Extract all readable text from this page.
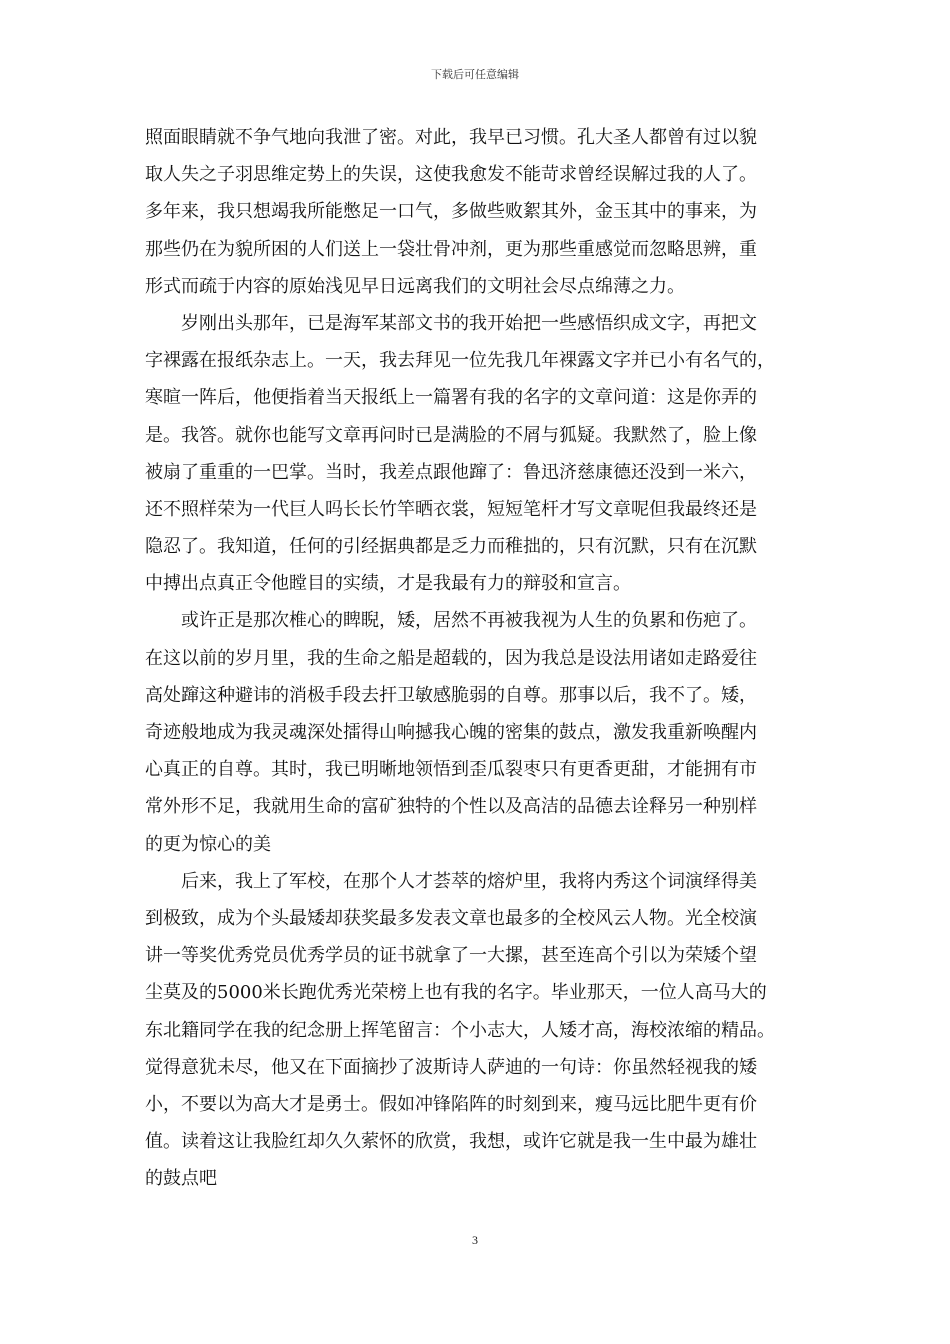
下载后可任意编辑
照面眼睛就不争气地向我泄了密。对此，我早已习惯。孔大圣人都曾有过以貌
取人失之子羽思维定势上的失误，这使我愈发不能苛求曾经误解过我的人了。
多年来，我只想竭我所能憋足一口气，多做些败絮其外，金玉其中的事来，为
那些仍在为貌所困的人们送上一袋壮骨冲剂，更为那些重感觉而忽略思辨，重
形式而疏于内容的原始浅见早日远离我们的文明社会尽点绵薄之力。
　　岁刚出头那年，已是海军某部文书的我开始把一些感悟织成文字，再把文
字裸露在报纸杂志上。一天，我去拜见一位先我几年裸露文字并已小有名气的，
寒暄一阵后，他便指着当天报纸上一篇署有我的名字的文章问道：这是你弄的
是。我答。就你也能写文章再问时已是满脸的不屑与狐疑。我默然了，脸上像
被扇了重重的一巴掌。当时，我差点跟他蹿了：鲁迅济慈康德还没到一米六，
还不照样荣为一代巨人吗长长竹竿晒衣裳，短短笔杆才写文章呢但我最终还是
隐忍了。我知道，任何的引经据典都是乏力而稚拙的，只有沉默，只有在沉默
中搏出点真正令他瞠目的实绩，才是我最有力的辩驳和宣言。
　　或许正是那次椎心的睥睨，矮，居然不再被我视为人生的负累和伤疤了。
在这以前的岁月里，我的生命之船是超载的，因为我总是设法用诸如走路爱往
高处蹿这种避讳的消极手段去扞卫敏感脆弱的自尊。那事以后，我不了。矮，
奇迹般地成为我灵魂深处擂得山响撼我心魄的密集的鼓点，激发我重新唤醒内
心真正的自尊。其时，我已明晰地领悟到歪瓜裂枣只有更香更甜，才能拥有市
常外形不足，我就用生命的富矿独特的个性以及高洁的品德去诠释另一种别样
的更为惊心的美
　　后来，我上了军校，在那个人才荟萃的熔炉里，我将内秀这个词演绎得美
到极致，成为个头最矮却获奖最多发表文章也最多的全校风云人物。光全校演
讲一等奖优秀党员优秀学员的证书就拿了一大摞，甚至连高个引以为荣矮个望
尘莫及的5000米长跑优秀光荣榜上也有我的名字。毕业那天，一位人高马大的
东北籍同学在我的纪念册上挥笔留言：个小志大，人矮才高，海校浓缩的精品。
觉得意犹未尽，他又在下面摘抄了波斯诗人萨迪的一句诗：你虽然轻视我的矮
小，不要以为高大才是勇士。假如冲锋陷阵的时刻到来，瘦马远比肥牛更有价
值。读着这让我脸红却久久萦怀的欣赏，我想，或许它就是我一生中最为雄壮
的鼓点吧
3
